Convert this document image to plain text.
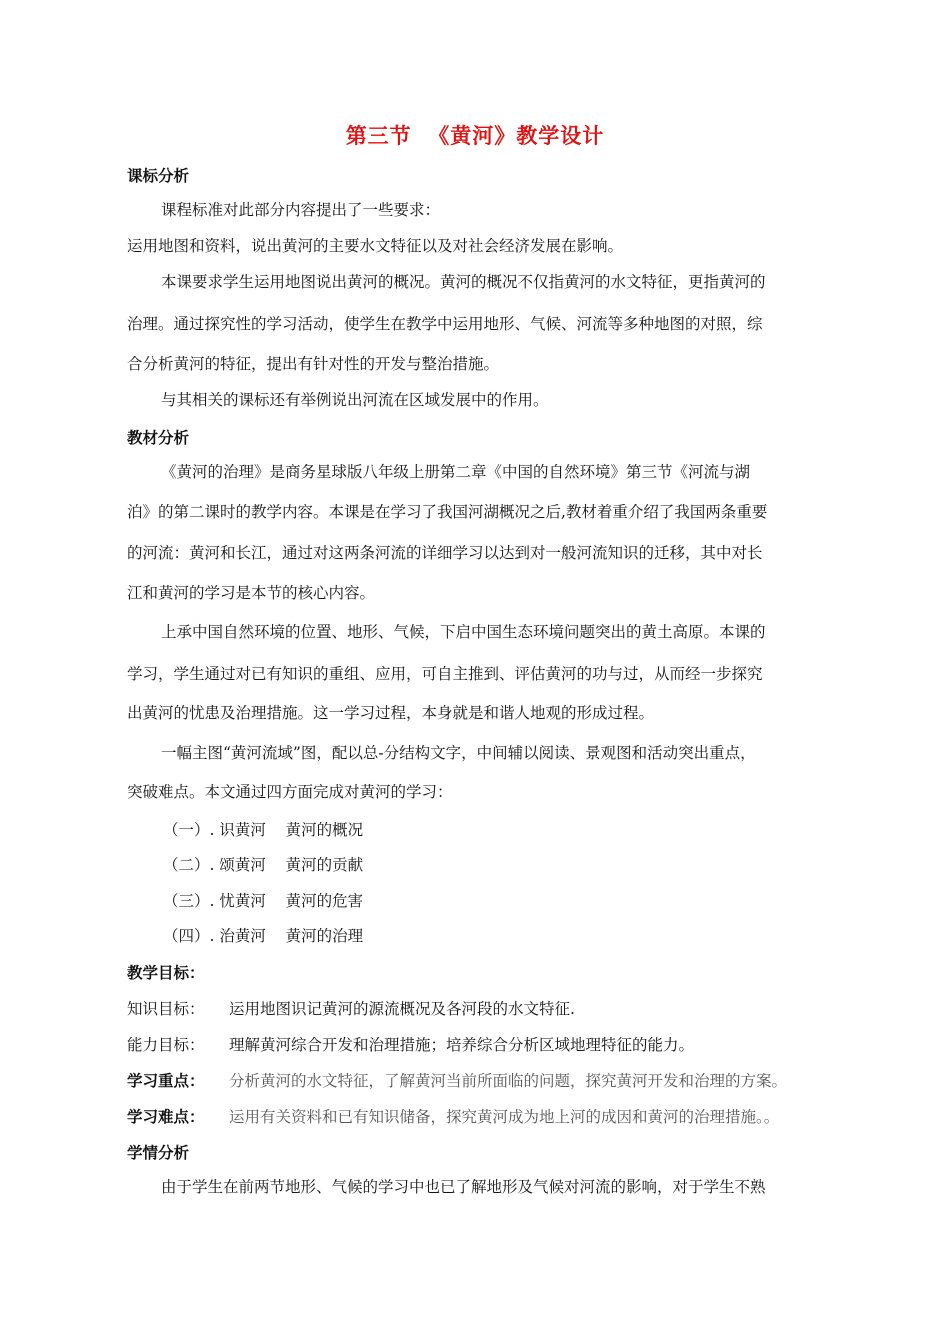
第三节  《黄河》教学设计
课标分析
课程标准对此部分内容提出了一些要求：
运用地图和资料，说出黄河的主要水文特征以及对社会经济发展在影响。
本课要求学生运用地图说出黄河的概况。黄河的概况不仅指黄河的水文特征，更指黄河的
治理。通过探究性的学习活动，使学生在教学中运用地形、气候、河流等多种地图的对照，综
合分析黄河的特征，提出有针对性的开发与整治措施。
与其相关的课标还有举例说出河流在区域发展中的作用。
教材分析
《黄河的治理》是商务星球版八年级上册第二章《中国的自然环境》第三节《河流与湖
泊》的第二课时的教学内容。本课是在学习了我国河湖概况之后,教材着重介绍了我国两条重要
的河流：黄河和长江，通过对这两条河流的详细学习以达到对一般河流知识的迁移，其中对长
江和黄河的学习是本节的核心内容。
上承中国自然环境的位置、地形、气候，下启中国生态环境问题突出的黄土高原。本课的
学习，学生通过对已有知识的重组、应用，可自主推到、评估黄河的功与过，从而经一步探究
出黄河的忧患及治理措施。这一学习过程，本身就是和谐人地观的形成过程。
一幅主图“黄河流域”图，配以总-分结构文字，中间辅以阅读、景观图和活动突出重点，
突破难点。本文通过四方面完成对黄河的学习：
（一）. 识黄河    黄河的概况
（二）. 颂黄河    黄河的贡献
（三）. 忧黄河    黄河的危害
（四）. 治黄河    黄河的治理
教学目标：
知识目标： 运用地图识记黄河的源流概况及各河段的水文特征.
能力目标： 理解黄河综合开发和治理措施；培养综合分析区域地理特征的能力。
学习重点： 分析黄河的水文特征，了解黄河当前所面临的问题，探究黄河开发和治理的方案。
学习难点： 运用有关资料和已有知识储备，探究黄河成为地上河的成因和黄河的治理措施。。
学情分析
由于学生在前两节地形、气候的学习中也已了解地形及气候对河流的影响，对于学生不熟
